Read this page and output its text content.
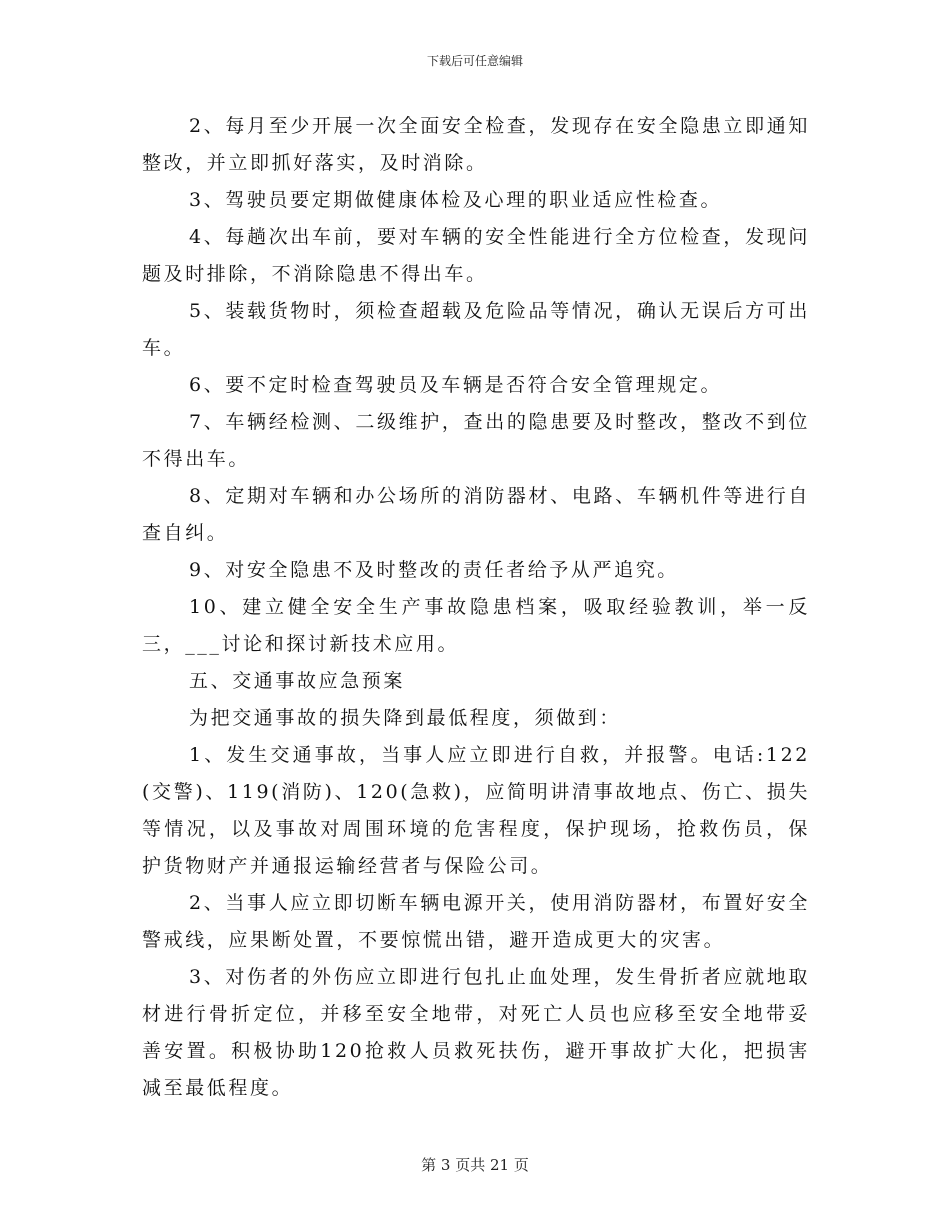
下载后可任意编辑

2、每月至少开展一次全面安全检查，发现存在安全隐患立即通知整改，并立即抓好落实，及时消除。

3、驾驶员要定期做健康体检及心理的职业适应性检查。

4、每趟次出车前，要对车辆的安全性能进行全方位检查，发现问题及时排除，不消除隐患不得出车。

5、装载货物时，须检查超载及危险品等情况，确认无误后方可出车。

6、要不定时检查驾驶员及车辆是否符合安全管理规定。

7、车辆经检测、二级维护，查出的隐患要及时整改，整改不到位不得出车。

8、定期对车辆和办公场所的消防器材、电路、车辆机件等进行自查自纠。

9、对安全隐患不及时整改的责任者给予从严追究。

10、建立健全安全生产事故隐患档案，吸取经验教训，举一反三，___讨论和探讨新技术应用。

五、交通事故应急预案

为把交通事故的损失降到最低程度，须做到：

1、发生交通事故，当事人应立即进行自救，并报警。电话:122(交警)、119(消防)、120(急救)，应简明讲清事故地点、伤亡、损失等情况，以及事故对周围环境的危害程度，保护现场，抢救伤员，保护货物财产并通报运输经营者与保险公司。

2、当事人应立即切断车辆电源开关，使用消防器材，布置好安全警戒线，应果断处置，不要惊慌出错，避开造成更大的灾害。

3、对伤者的外伤应立即进行包扎止血处理，发生骨折者应就地取材进行骨折定位，并移至安全地带，对死亡人员也应移至安全地带妥善安置。积极协助120抢救人员救死扶伤，避开事故扩大化，把损害减至最低程度。

第 3 页共 21 页
